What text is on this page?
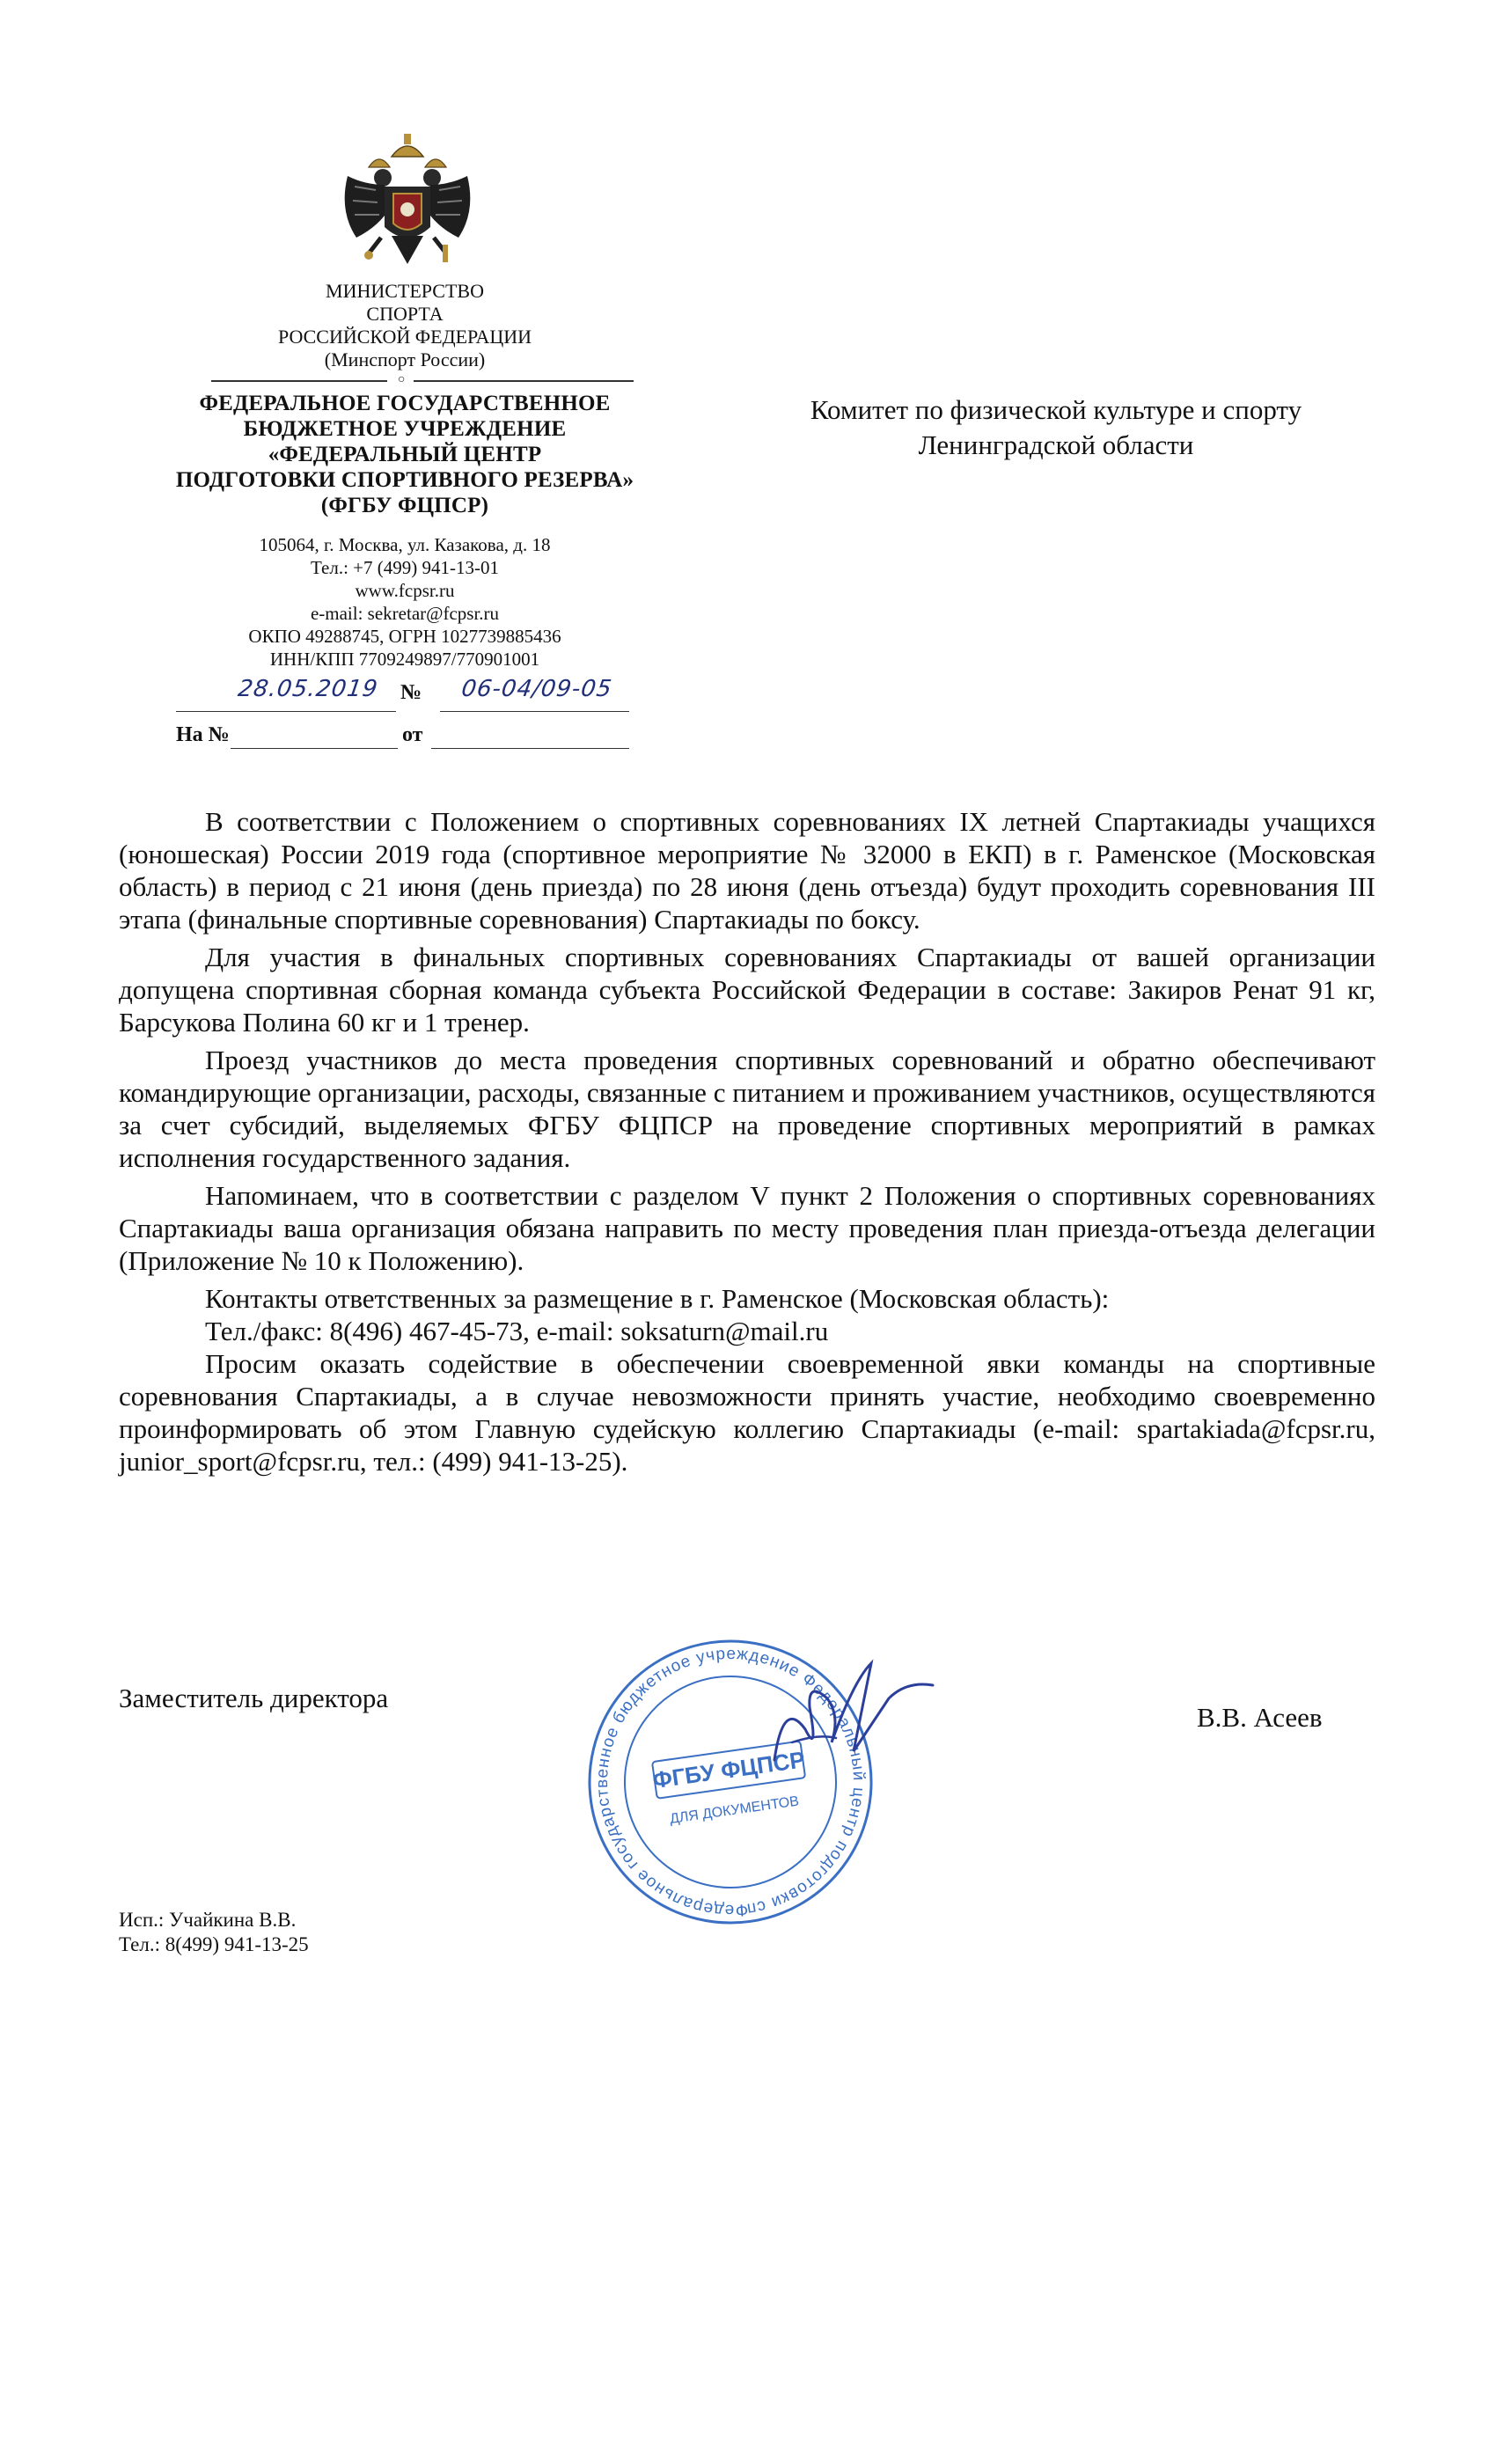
МИНИСТЕРСТВО
СПОРТА
РОССИЙСКОЙ ФЕДЕРАЦИИ
(Минспорт России)
○
ФЕДЕРАЛЬНОЕ ГОСУДАРСТВЕННОЕ
БЮДЖЕТНОЕ УЧРЕЖДЕНИЕ
«ФЕДЕРАЛЬНЫЙ ЦЕНТР
ПОДГОТОВКИ СПОРТИВНОГО РЕЗЕРВА»
(ФГБУ ФЦПСР)
105064, г. Москва, ул. Казакова, д. 18
Тел.: +7 (499) 941-13-01
www.fcpsr.ru
e-mail: sekretar@fcpsr.ru
ОКПО 49288745, ОГРН 1027739885436
ИНН/КПП 7709249897/770901001
28.05.2019 №	06-04/09-05
На №	от
Комитет по физической культуре и спорту
Ленинградской области

В соответствии с Положением о спортивных соревнованиях IX летней Спартакиады учащихся (юношеская) России 2019 года (спортивное мероприятие № 32000 в ЕКП) в г. Раменское (Московская область) в период с 21 июня (день приезда) по 28 июня (день отъезда) будут проходить соревнования III этапа (финальные спортивные соревнования) Спартакиады по боксу.

Для участия в финальных спортивных соревнованиях Спартакиады от вашей организации допущена спортивная сборная команда субъекта Российской Федерации в составе: Закиров Ренат 91 кг, Барсукова Полина 60 кг и 1 тренер.

Проезд участников до места проведения спортивных соревнований и обратно обеспечивают командирующие организации, расходы, связанные с питанием и проживанием участников, осуществляются за счет субсидий, выделяемых ФГБУ ФЦПСР на проведение спортивных мероприятий в рамках исполнения государственного задания.

Напоминаем, что в соответствии с разделом V пункт 2 Положения о спортивных соревнованиях Спартакиады ваша организация обязана направить по месту проведения план приезда-отъезда делегации (Приложение № 10 к Положению).

Контакты ответственных за размещение в г. Раменское (Московская область):

Тел./факс: 8(496) 467-45-73, e-mail: soksaturn@mail.ru

Просим оказать содействие в обеспечении своевременной явки команды на спортивные соревнования Спартакиады, а в случае невозможности принять участие, необходимо своевременно проинформировать об этом Главную судейскую коллегию Спартакиады (e-mail: spartakiada@fcpsr.ru, junior_sport@fcpsr.ru, тел.: (499) 941-13-25).

Заместитель директора
Федеральное государственное бюджетное учреждение Федеральный центр подготовки спортивного
ФГБУ ФЦПСР
ДЛЯ ДОКУМЕНТОВ
В.В. Асеев
Исп.: Учайкина В.В.
Тел.: 8(499) 941-13-25
